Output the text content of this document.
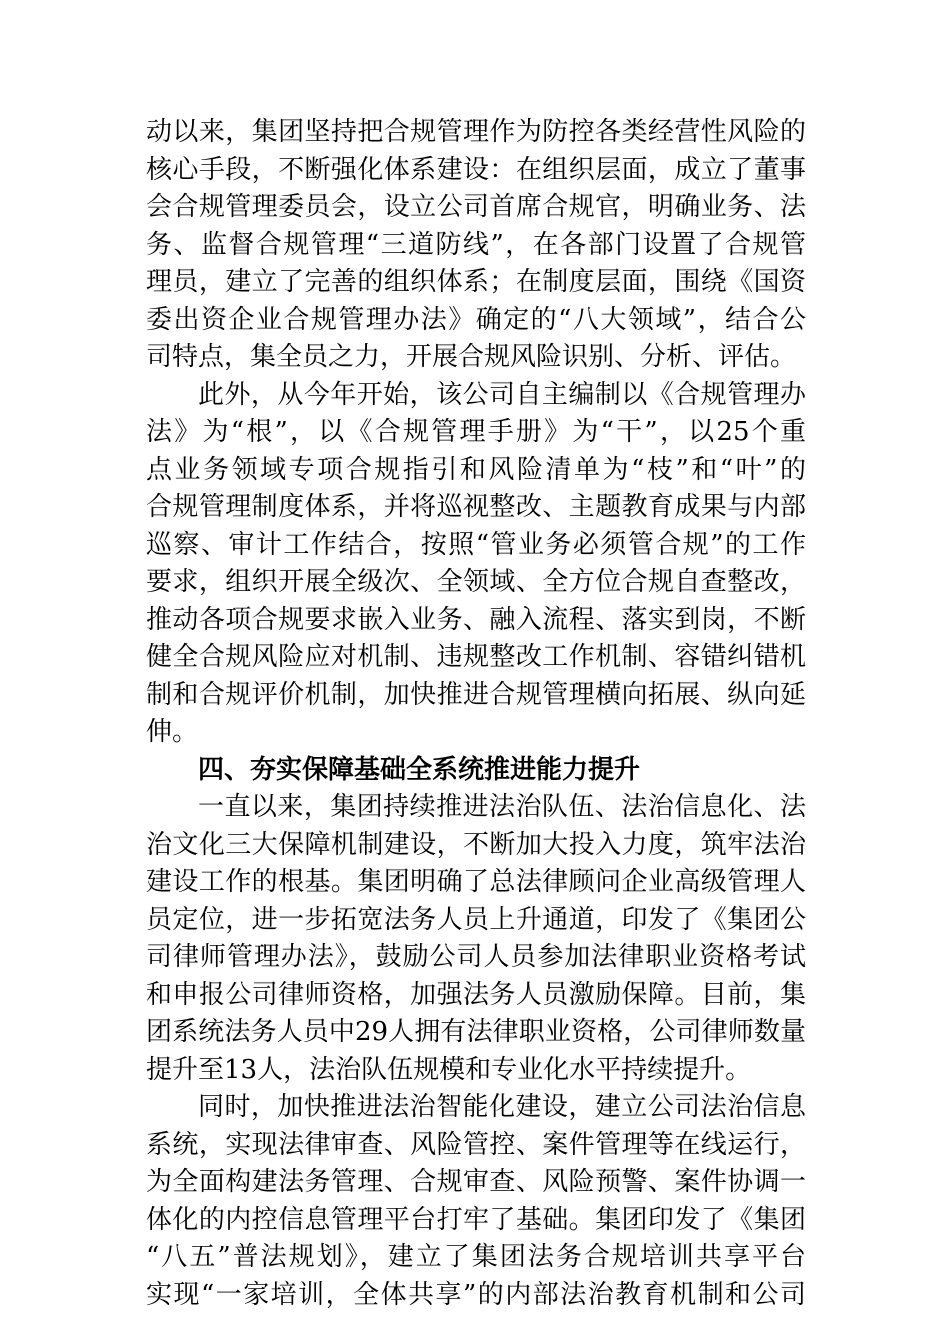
动以来，集团坚持把合规管理作为防控各类经营性风险的
核心手段，不断强化体系建设：在组织层面，成立了董事
会合规管理委员会，设立公司首席合规官，明确业务、法
务、监督合规管理“三道防线”，在各部门设置了合规管
理员，建立了完善的组织体系；在制度层面，围绕《国资
委出资企业合规管理办法》确定的“八大领域”，结合公
司特点，集全员之力，开展合规风险识别、分析、评估。
此外，从今年开始，该公司自主编制以《合规管理办
法》为“根”，以《合规管理手册》为“干”，以25个重
点业务领域专项合规指引和风险清单为“枝”和“叶”的
合规管理制度体系，并将巡视整改、主题教育成果与内部
巡察、审计工作结合，按照“管业务必须管合规”的工作
要求，组织开展全级次、全领域、全方位合规自查整改，
推动各项合规要求嵌入业务、融入流程、落实到岗，不断
健全合规风险应对机制、违规整改工作机制、容错纠错机
制和合规评价机制，加快推进合规管理横向拓展、纵向延
伸。
四、夯实保障基础全系统推进能力提升
一直以来，集团持续推进法治队伍、法治信息化、法
治文化三大保障机制建设，不断加大投入力度，筑牢法治
建设工作的根基。集团明确了总法律顾问企业高级管理人
员定位，进一步拓宽法务人员上升通道，印发了《集团公
司律师管理办法》，鼓励公司人员参加法律职业资格考试
和申报公司律师资格，加强法务人员激励保障。目前，集
团系统法务人员中29人拥有法律职业资格，公司律师数量
提升至13人，法治队伍规模和专业化水平持续提升。
同时，加快推进法治智能化建设，建立公司法治信息
系统，实现法律审查、风险管控、案件管理等在线运行，
为全面构建法务管理、合规审查、风险预警、案件协调一
体化的内控信息管理平台打牢了基础。集团印发了《集团
“八五”普法规划》，建立了集团法务合规培训共享平台
实现“一家培训，全体共享”的内部法治教育机制和公司
